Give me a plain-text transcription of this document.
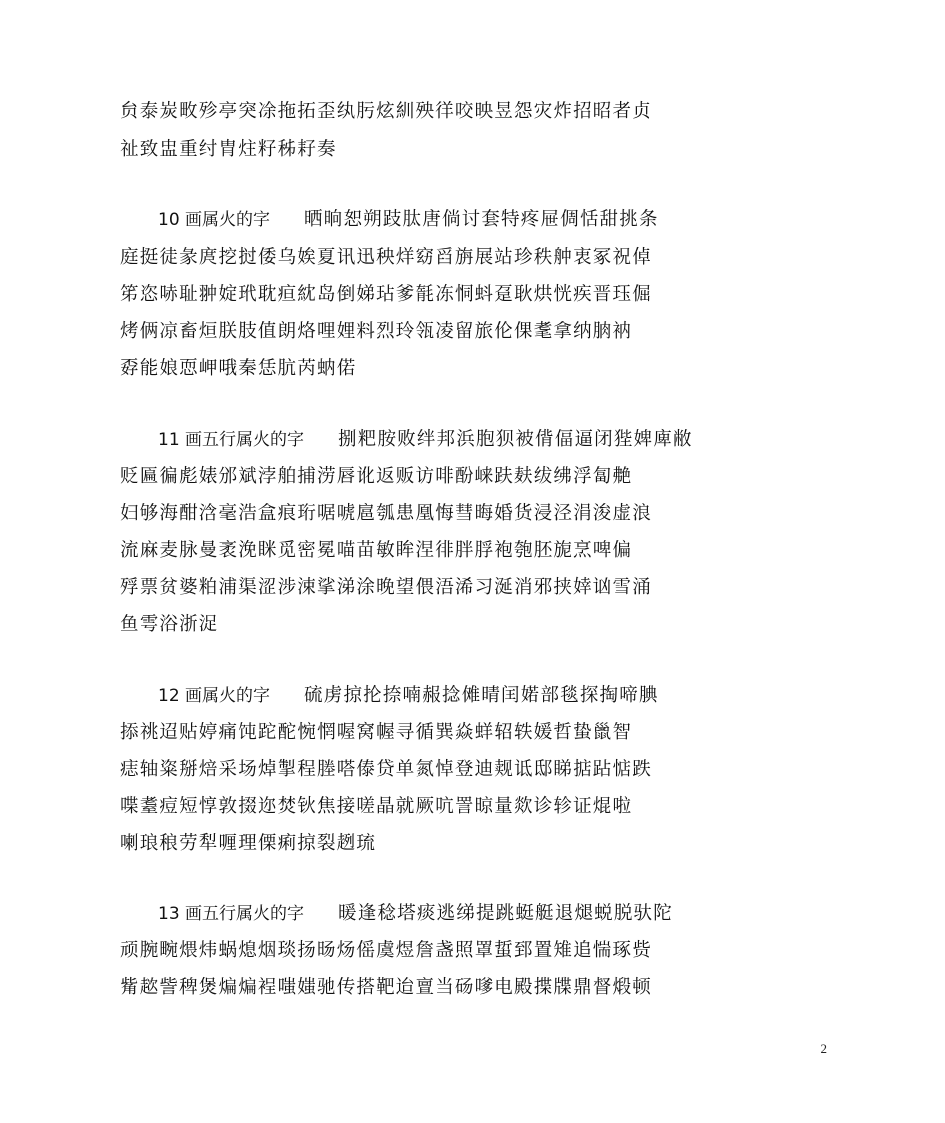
贠泰炭畋殄亭突凃拖拓歪纨肟炫紃殃徉咬映昱怨灾炸招昭者贞
祉致盅重纣胄炷籽秭耔奏
10 画属火的字 晒晌恕朔跂肽唐倘讨套特疼屉倜恬甜挑条
庭挺徒彖庹挖挝倭乌娭夏讯迅秧烊窈舀旃展站珍秩舯衷冢祝倬
笫恣哧耻翀婝玳耽疸紞岛倒娣玷爹毻冻恫蚪趸耿烘恍疾晋珏倔
烤俩凉畜烜朕肢值朗烙哩娌料烈玲瓴凌留旅伦倮耄拿纳朒衲
孬能娘恧岬哦秦恁肮芮蚋偌
11 画五行属火的字 捌粑胺败绊邦浜胞狈被偝偪逼闭狴婢庳敝
贬匾徧彪婊邠斌浡舶捕涝唇讹返贩访啡酚崃趺麸绂绋浮匐艴
妇够海酣浛毫浩盒痕珩啹唬扈瓠患凰悔彗晦婚货浸泾涓浚虚浪
流麻麦脉曼袤浼眯觅密冕喵苗敏眸涅徘胖脬袍匏胚旎烹啤偏
殍票贫婆粕浦渠涩涉涑挲涕涂晚望偎浯浠习涎消邪挟婞讻雪涌
鱼雩浴浙浞
12 画属火的字 硫虏掠抡捺喃赧捻傩晴闰婼部毯探掏啼腆
掭祧迢贴婷痛饨跎酡惋惘喔窝幄寻循巽焱蛘轺轶媛哲蛰巤智
痣轴粢掰焙采场焯掣程塍嗒傣贷单氮悼登迪觌诋邸睇掂跕惦跌
喋耋痘短惇敦掇迩焚钬焦接嗟晶就厥吭詈晾量欻诊轸证焜啦
喇琅稂劳犁喱理傈痢掠裂趔琉
13 画五行属火的字 暖逢稔塔痰逃绨提跳蜓艇退煺蜕脱驮陀
顽腕畹煨炜蜗熄烟琰扬旸炀傜虞煜詹盏照罩蜇郅置雉追惴琢赀
觜趑訾稗煲煸煸裎嗤媸驰传搭靶迨亶当砀嗲电殿揲牒鼎督煅顿
2
